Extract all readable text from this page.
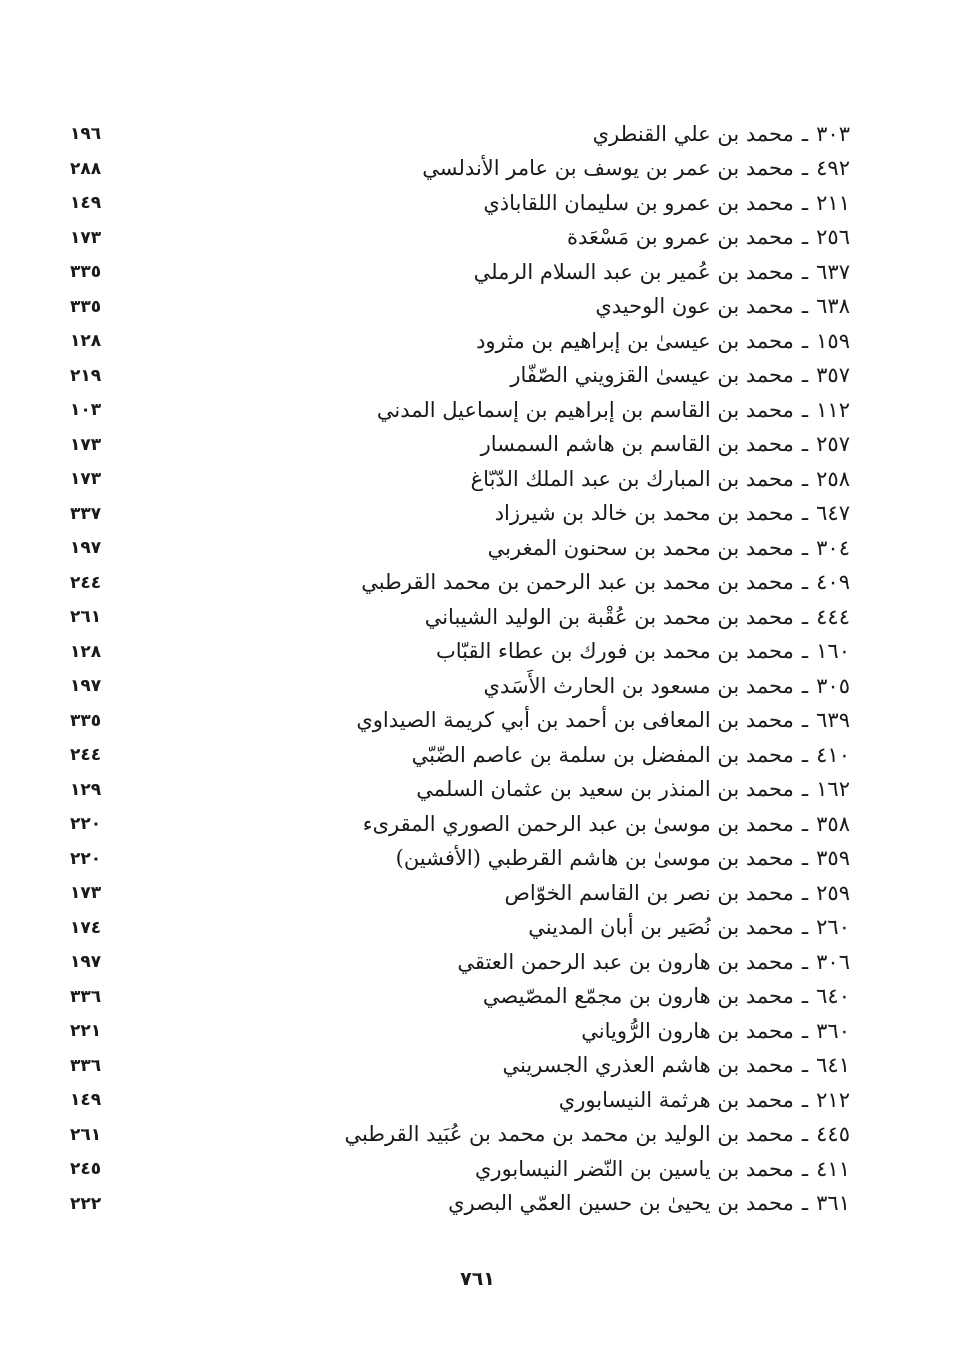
٣٠٣ـمحمد بن علي القنطري
١٩٦
٤٩٢ـمحمد بن عمر بن يوسف بن عامر الأندلسي
٢٨٨
٢١١ـمحمد بن عمرو بن سليمان اللقاباذي
١٤٩
٢٥٦ـمحمد بن عمرو بن مَسْعَدة
١٧٣
٦٣٧ـمحمد بن عُمير بن عبد السلام الرملي
٣٣٥
٦٣٨ـمحمد بن عون الوحيدي
٣٣٥
١٥٩ـمحمد بن عيسىٰ بن إبراهيم بن مثرود
١٢٨
٣٥٧ـمحمد بن عيسىٰ القزويني الصّفّار
٢١٩
١١٢ـمحمد بن القاسم بن إبراهيم بن إسماعيل المدني
١٠٣
٢٥٧ـمحمد بن القاسم بن هاشم السمسار
١٧٣
٢٥٨ـمحمد بن المبارك بن عبد الملك الدّبّاغ
١٧٣
٦٤٧ـمحمد بن محمد بن خالد بن شيرزاد
٣٣٧
٣٠٤ـمحمد بن محمد بن سحنون المغربي
١٩٧
٤٠٩ـمحمد بن محمد بن عبد الرحمن بن محمد القرطبي
٢٤٤
٤٤٤ـمحمد بن محمد بن عُقْبة بن الوليد الشيباني
٢٦١
١٦٠ـمحمد بن محمد بن فورك بن عطاء القبّاب
١٢٨
٣٠٥ـمحمد بن مسعود بن الحارث الأَسَدي
١٩٧
٦٣٩ـمحمد بن المعافى بن أحمد بن أبي كريمة الصيداوي
٣٣٥
٤١٠ـمحمد بن المفضل بن سلمة بن عاصم الضّبّي
٢٤٤
١٦٢ـمحمد بن المنذر بن سعيد بن عثمان السلمي
١٢٩
٣٥٨ـمحمد بن موسىٰ بن عبد الرحمن الصوري المقرىء
٢٢٠
٣٥٩ـمحمد بن موسىٰ بن هاشم القرطبي (الأفشين)
٢٢٠
٢٥٩ـمحمد بن نصر بن القاسم الخوّاص
١٧٣
٢٦٠ـمحمد بن نُصَير بن أبان المديني
١٧٤
٣٠٦ـمحمد بن هارون بن عبد الرحمن العتقي
١٩٧
٦٤٠ـمحمد بن هارون بن مجمّع المصّيصي
٣٣٦
٣٦٠ـمحمد بن هارون الرُّوياني
٢٢١
٦٤١ـمحمد بن هاشم العذري الجسريني
٣٣٦
٢١٢ـمحمد بن هرثمة النيسابوري
١٤٩
٤٤٥ـمحمد بن الوليد بن محمد بن محمد بن عُبَيد القرطبي
٢٦١
٤١١ـمحمد بن ياسين بن النّضر النيسابوري
٢٤٥
٣٦١ـمحمد بن يحيىٰ بن حسين العمّي البصري
٢٢٢
٧٦١
